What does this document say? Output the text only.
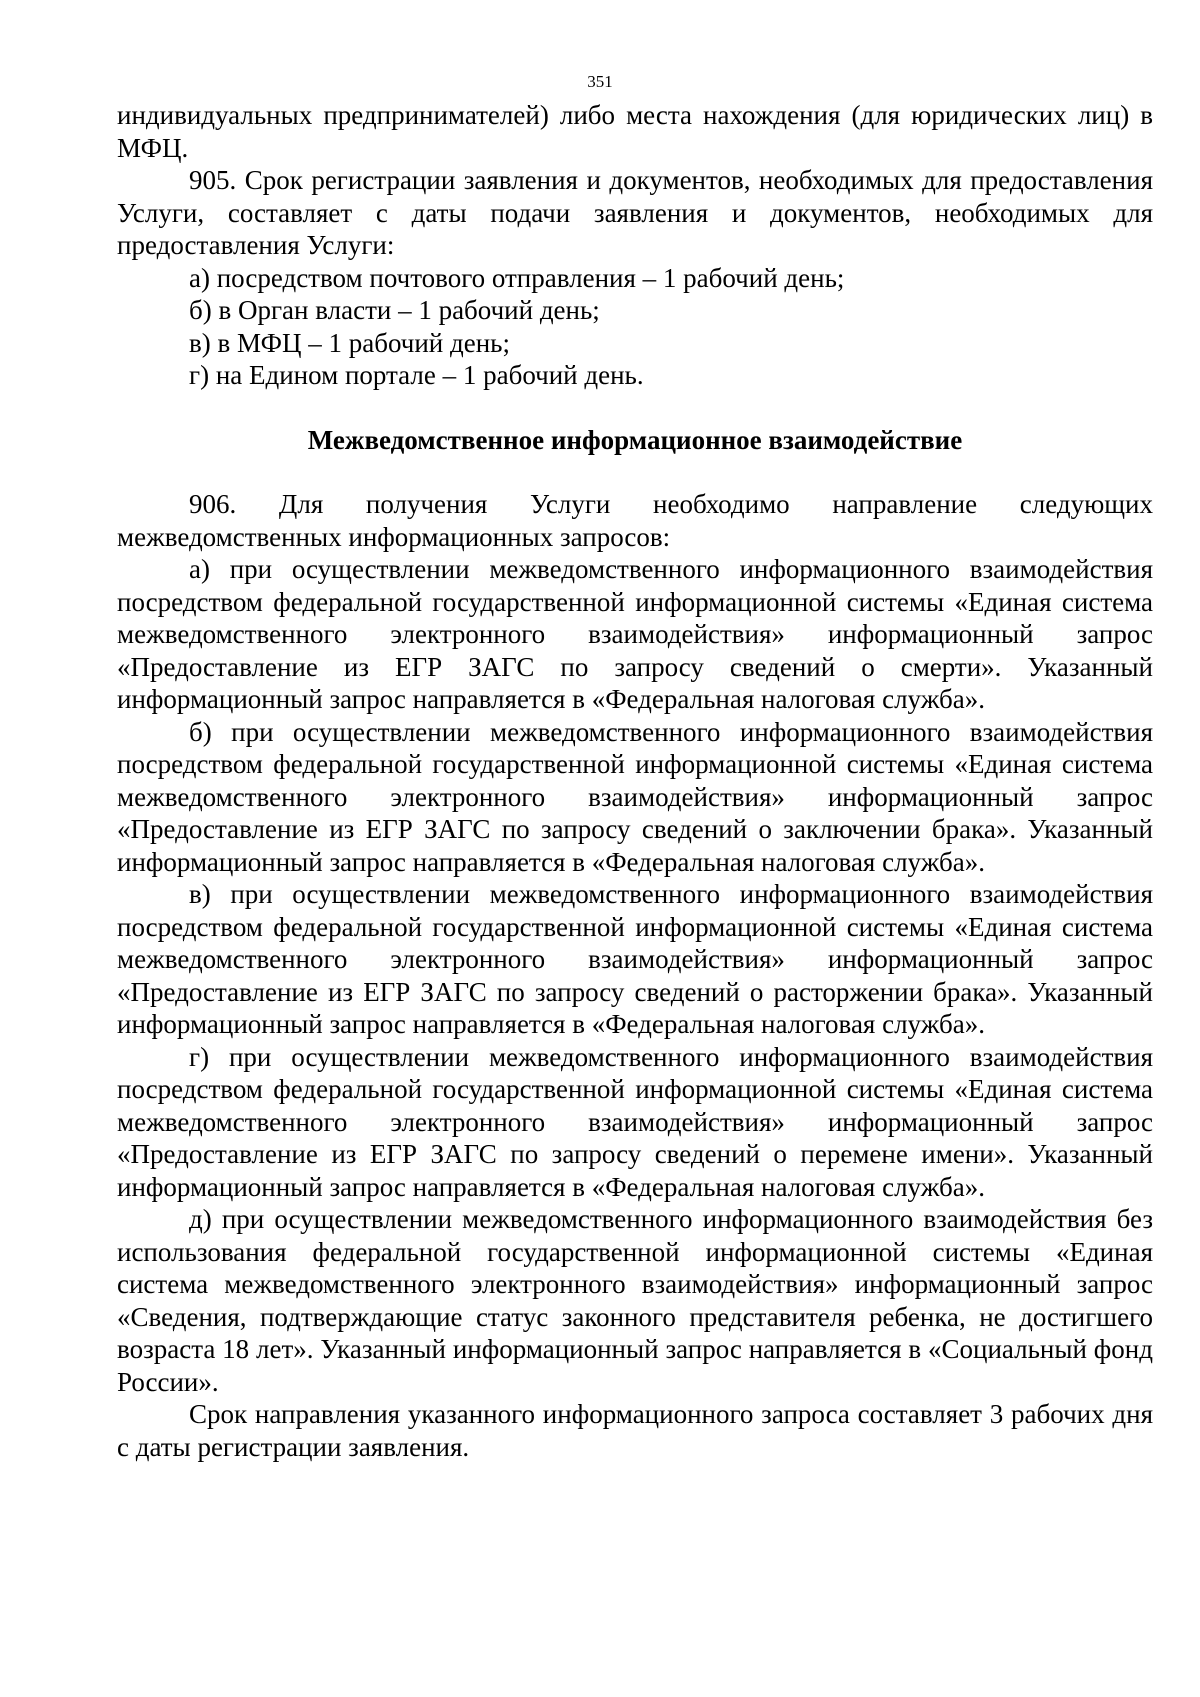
351

индивидуальных предпринимателей) либо места нахождения (для юридических лиц) в МФЦ.

905. Срок регистрации заявления и документов, необходимых для предоставления Услуги, составляет с даты подачи заявления и документов, необходимых для предоставления Услуги:

а) посредством почтового отправления – 1 рабочий день;

б) в Орган власти – 1 рабочий день;

в) в МФЦ – 1 рабочий день;

г) на Едином портале – 1 рабочий день.

Межведомственное информационное взаимодействие

906. Для получения Услуги необходимо направление следующих межведомственных информационных запросов:

а) при осуществлении межведомственного информационного взаимодействия посредством федеральной государственной информационной системы «Единая система межведомственного электронного взаимодействия» информационный запрос «Предоставление из ЕГР ЗАГС по запросу сведений о смерти». Указанный информационный запрос направляется в «Федеральная налоговая служба».

б) при осуществлении межведомственного информационного взаимодействия посредством федеральной государственной информационной системы «Единая система межведомственного электронного взаимодействия» информационный запрос «Предоставление из ЕГР ЗАГС по запросу сведений о заключении брака». Указанный информационный запрос направляется в «Федеральная налоговая служба».

в) при осуществлении межведомственного информационного взаимодействия посредством федеральной государственной информационной системы «Единая система межведомственного электронного взаимодействия» информационный запрос «Предоставление из ЕГР ЗАГС по запросу сведений о расторжении брака». Указанный информационный запрос направляется в «Федеральная налоговая служба».

г) при осуществлении межведомственного информационного взаимодействия посредством федеральной государственной информационной системы «Единая система межведомственного электронного взаимодействия» информационный запрос «Предоставление из ЕГР ЗАГС по запросу сведений о перемене имени». Указанный информационный запрос направляется в «Федеральная налоговая служба».

д) при осуществлении межведомственного информационного взаимодействия без использования федеральной государственной информационной системы «Единая система межведомственного электронного взаимодействия» информационный запрос «Сведения, подтверждающие статус законного представителя ребенка, не достигшего возраста 18 лет». Указанный информационный запрос направляется в «Социальный фонд России».

Срок направления указанного информационного запроса составляет 3 рабочих дня с даты регистрации заявления.
